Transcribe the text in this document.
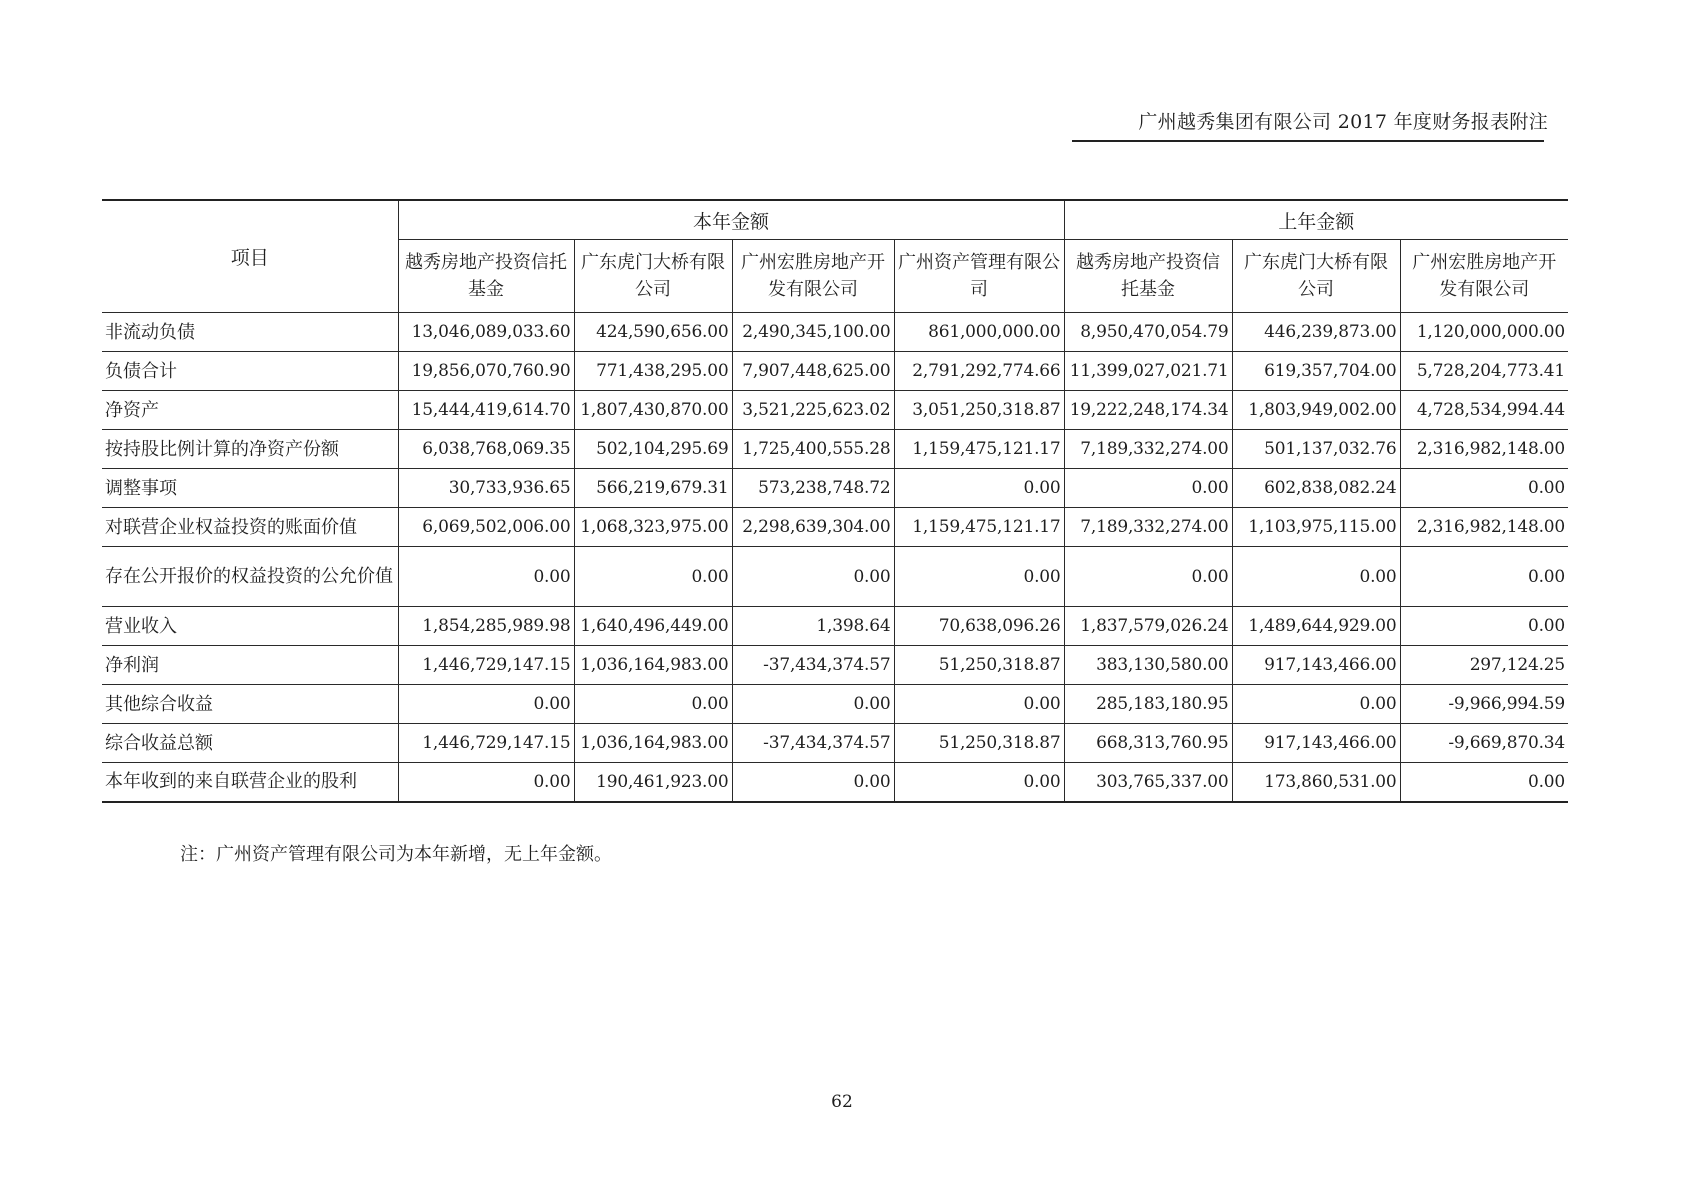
广州越秀集团有限公司 2017 年度财务报表附注
项目	本年金额				上年金额		
	越秀房地产投资信托基金	广东虎门大桥有限公司	广州宏胜房地产开发有限公司	广州资产管理有限公司	越秀房地产投资信托基金	广东虎门大桥有限公司	广州宏胜房地产开发有限公司
非流动负债	13,046,089,033.60	424,590,656.00	2,490,345,100.00	861,000,000.00	8,950,470,054.79	446,239,873.00	1,120,000,000.00
负债合计	19,856,070,760.90	771,438,295.00	7,907,448,625.00	2,791,292,774.66	11,399,027,021.71	619,357,704.00	5,728,204,773.41
净资产	15,444,419,614.70	1,807,430,870.00	3,521,225,623.02	3,051,250,318.87	19,222,248,174.34	1,803,949,002.00	4,728,534,994.44
按持股比例计算的净资产份额	6,038,768,069.35	502,104,295.69	1,725,400,555.28	1,159,475,121.17	7,189,332,274.00	501,137,032.76	2,316,982,148.00
调整事项	30,733,936.65	566,219,679.31	573,238,748.72	0.00	0.00	602,838,082.24	0.00
对联营企业权益投资的账面价值	6,069,502,006.00	1,068,323,975.00	2,298,639,304.00	1,159,475,121.17	7,189,332,274.00	1,103,975,115.00	2,316,982,148.00
存在公开报价的权益投资的公允价值	0.00	0.00	0.00	0.00	0.00	0.00	0.00
营业收入	1,854,285,989.98	1,640,496,449.00	1,398.64	70,638,096.26	1,837,579,026.24	1,489,644,929.00	0.00
净利润	1,446,729,147.15	1,036,164,983.00	-37,434,374.57	51,250,318.87	383,130,580.00	917,143,466.00	297,124.25
其他综合收益	0.00	0.00	0.00	0.00	285,183,180.95	0.00	-9,966,994.59
综合收益总额	1,446,729,147.15	1,036,164,983.00	-37,434,374.57	51,250,318.87	668,313,760.95	917,143,466.00	-9,669,870.34
本年收到的来自联营企业的股利	0.00	190,461,923.00	0.00	0.00	303,765,337.00	173,860,531.00	0.00
注：广州资产管理有限公司为本年新增，无上年金额。
62
